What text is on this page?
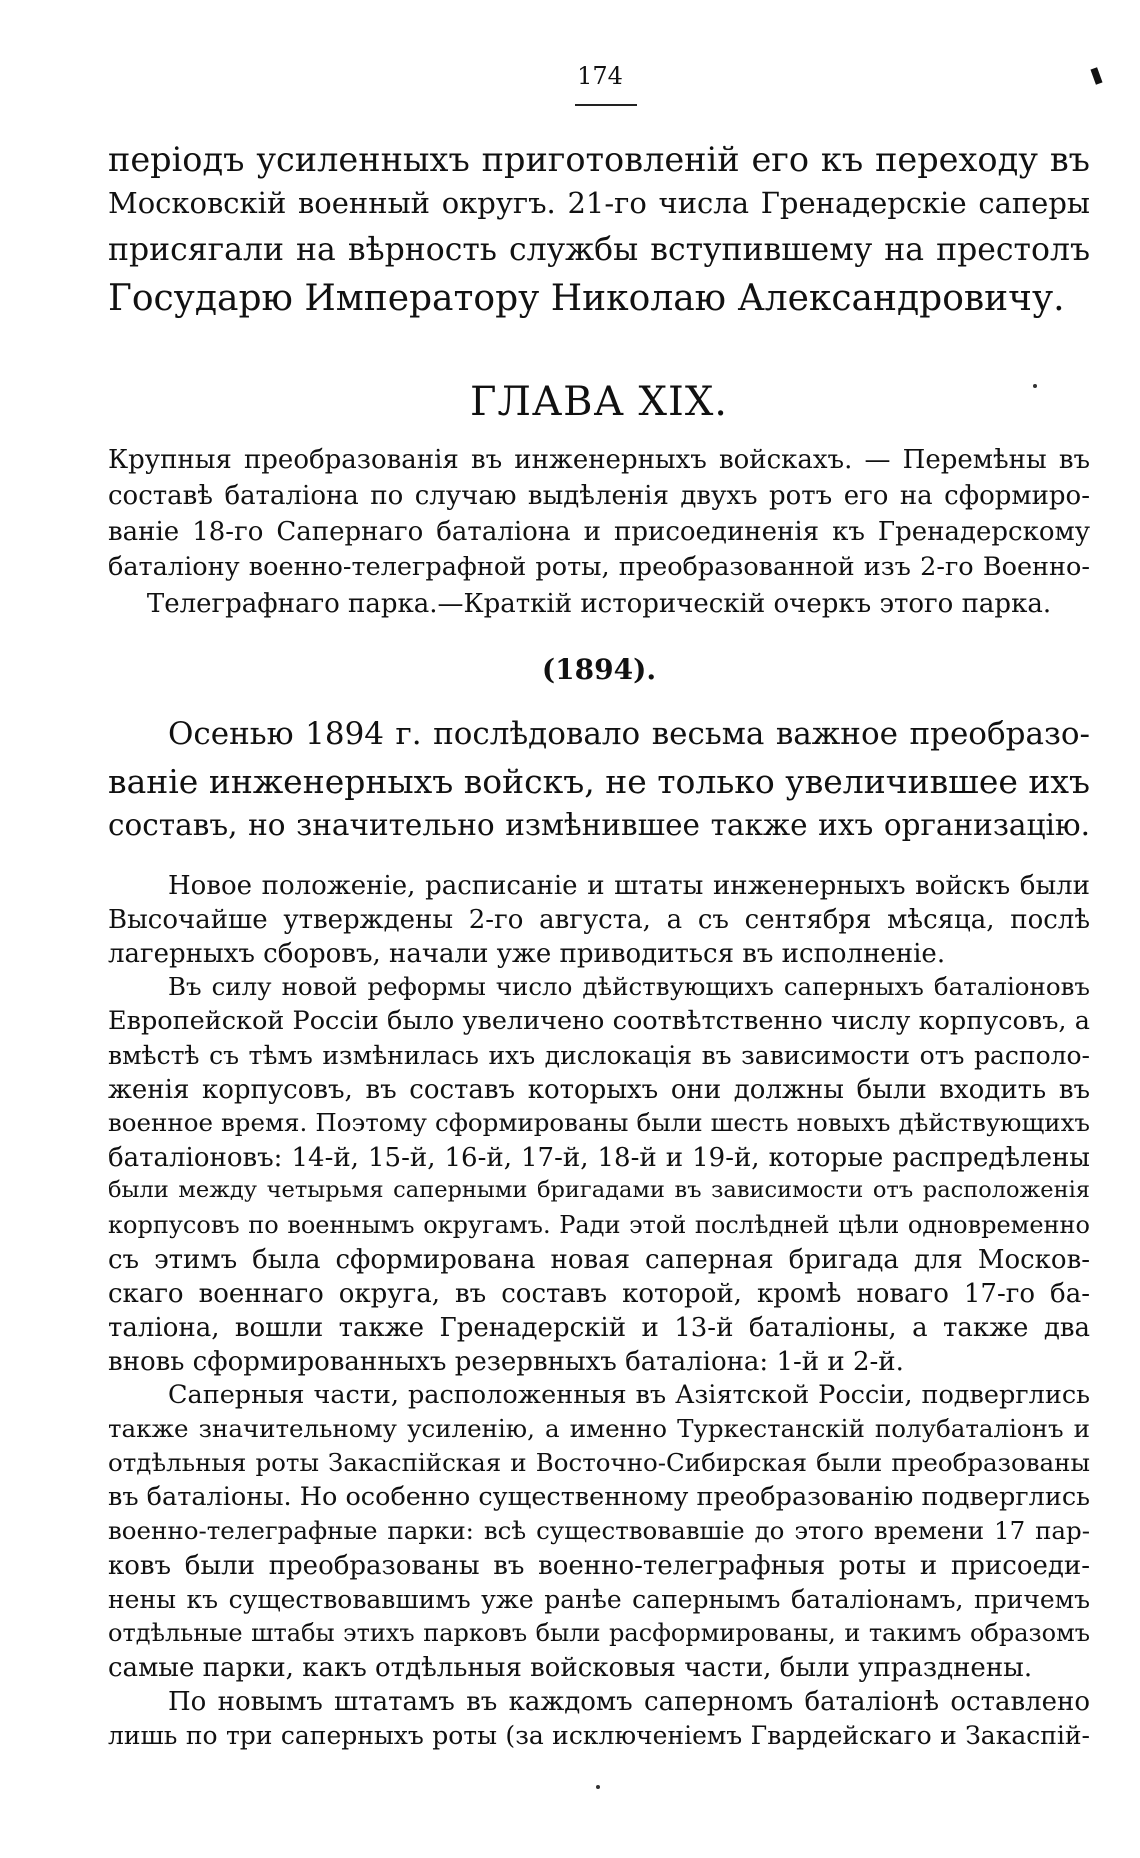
174

періодъ усиленныхъ приготовленій его къ переходу въ

Московскій военный округъ. 21-го числа Гренадерскіе саперы

присягали на вѣрность службы вступившему на престолъ

Государю Императору Николаю Александровичу.

ГЛАВА XIX.

Крупныя преобразованія въ инженерныхъ войскахъ. — Перемѣны въ

составѣ баталіона по случаю выдѣленія двухъ ротъ его на сформиро-

ваніе 18-го Сапернаго баталіона и присоединенія къ Гренадерскому

баталіону военно-телеграфной роты, преобразованной изъ 2-го Военно-

Телеграфнаго парка.—Краткій историческій очеркъ этого парка.

(1894).

Осенью 1894 г. послѣдовало весьма важное преобразо-

ваніе инженерныхъ войскъ, не только увеличившее ихъ

составъ, но значительно измѣнившее также ихъ организацію.

Новое положеніе, расписаніе и штаты инженерныхъ войскъ были

Высочайше утверждены 2-го августа, а съ сентября мѣсяца, послѣ

лагерныхъ сборовъ, начали уже приводиться въ исполненіе.

Въ силу новой реформы число дѣйствующихъ саперныхъ баталіоновъ

Европейской Россіи было увеличено соотвѣтственно числу корпусовъ, а

вмѣстѣ съ тѣмъ измѣнилась ихъ дислокація въ зависимости отъ располо-

женія корпусовъ, въ составъ которыхъ они должны были входить въ

военное время. Поэтому сформированы были шесть новыхъ дѣйствующихъ

баталіоновъ: 14-й, 15-й, 16-й, 17-й, 18-й и 19-й, которые распредѣлены

были между четырьмя саперными бригадами въ зависимости отъ расположенія

корпусовъ по военнымъ округамъ. Ради этой послѣдней цѣли одновременно

съ этимъ была сформирована новая саперная бригада для Москов-

скаго военнаго округа, въ составъ которой, кромѣ новаго 17-го ба-

таліона, вошли также Гренадерскій и 13-й баталіоны, а также два

вновь сформированныхъ резервныхъ баталіона: 1-й и 2-й.

Саперныя части, расположенныя въ Азіятской Россіи, подверглись

также значительному усиленію, а именно Туркестанскій полубаталіонъ и

отдѣльныя роты Закаспійская и Восточно-Сибирская были преобразованы

въ баталіоны. Но особенно существенному преобразованію подверглись

военно-телеграфные парки: всѣ существовавшіе до этого времени 17 пар-

ковъ были преобразованы въ военно-телеграфныя роты и присоеди-

нены къ существовавшимъ уже ранѣе сапернымъ баталіонамъ, причемъ

отдѣльные штабы этихъ парковъ были расформированы, и такимъ образомъ

самые парки, какъ отдѣльныя войсковыя части, были упразднены.

По новымъ штатамъ въ каждомъ саперномъ баталіонѣ оставлено

лишь по три саперныхъ роты (за исключеніемъ Гвардейскаго и Закаспій-
